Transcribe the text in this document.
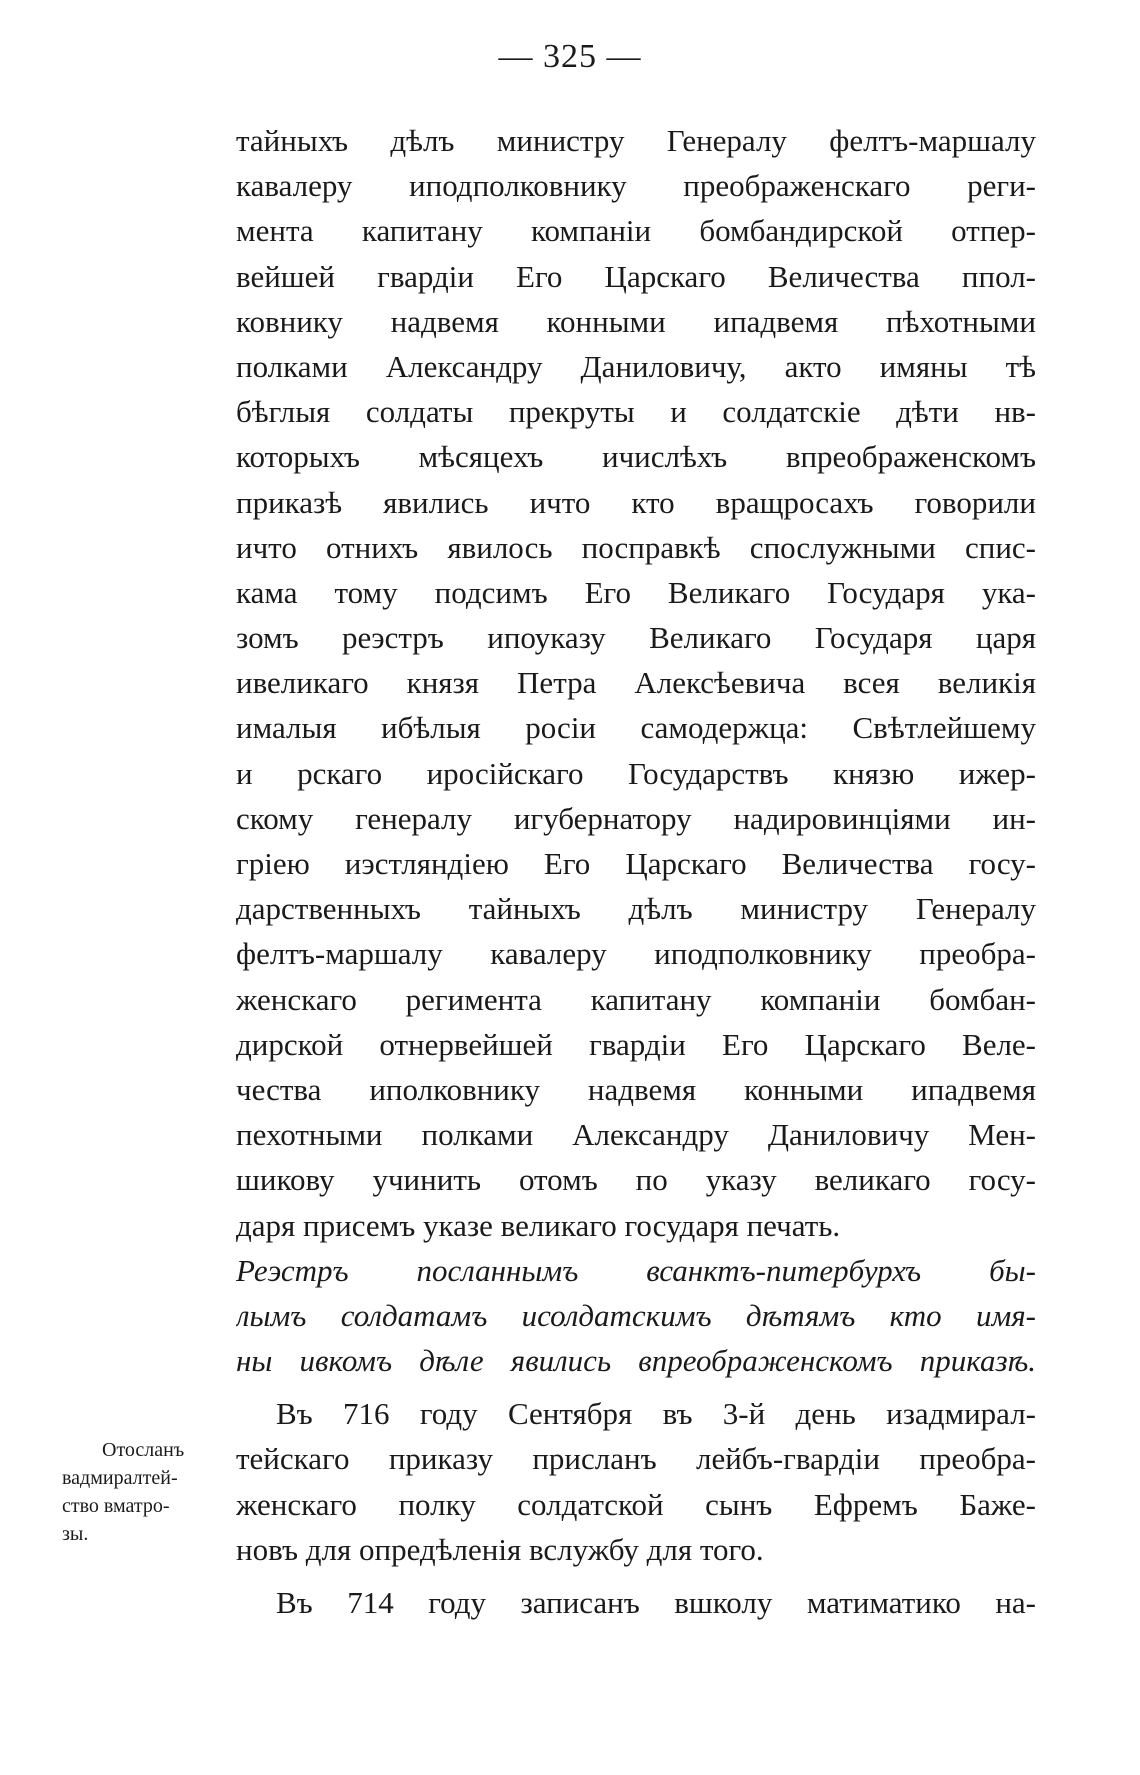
— 325 —
тайныхъ дѣлъ министру Генералу фелтъ-маршалу
кавалеру иподполковнику преображенскаго реги-
мента капитану компанiи бомбандирской отпер-
вейшей гвардiи Его Царскаго Величества ппол-
ковнику надвемя конными ипадвемя пѣхотными
полками Александру Даниловичу, акто имяны тѣ
бѣглыя солдаты прекруты и солдатскiе дѣти нв-
которыхъ мѣсяцехъ ичислѣхъ впреображенскомъ
приказѣ явились ичто кто вращросахъ говорили
ичто отнихъ явилось посправкѣ спослужными спис-
кама тому подсимъ Его Великаго Государя ука-
зомъ реэстръ ипоуказу Великаго Государя царя
ивеликаго князя Петра Алексѣевича всея великiя
ималыя ибѣлыя росiи самодержца: Свѣтлейшему
и рскаго иросiйскаго Государствъ князю ижер-
скому генералу игубернатору надировинцiями ин-
грiею иэстляндiею Его Царскаго Величества госу-
дарственныхъ тайныхъ дѣлъ министру Генералу
фелтъ-маршалу кавалеру иподполковнику преобра-
женскаго регимента капитану компанiи бомбан-
дирской отнервейшей гвардiи Его Царскаго Веле-
чества иполковнику надвемя конными ипадвемя
пехотными полками Александру Даниловичу Мен-
шикову учинить отомъ по указу великаго госу-
даря присемъ указе великаго государя печать.
Реэстръ посланнымъ всанктъ-питербурхъ бы-
лымъ солдатамъ исолдатскимъ дѣтямъ кто имя-
ны ивкомъ дѣле явились впреображенскомъ приказѣ.
Въ 716 году Сентября въ 3-й день изадмирал-
тейскаго приказу присланъ лейбъ-гвардiи преобра-
женскаго полку солдатской сынъ Ефремъ Баже-
новъ для опредѣленiя вслужбу для того.
Въ 714 году записанъ вшколу матиматико на-
Отосланъ
вадмиралтей-
ство вматро-
зы.
